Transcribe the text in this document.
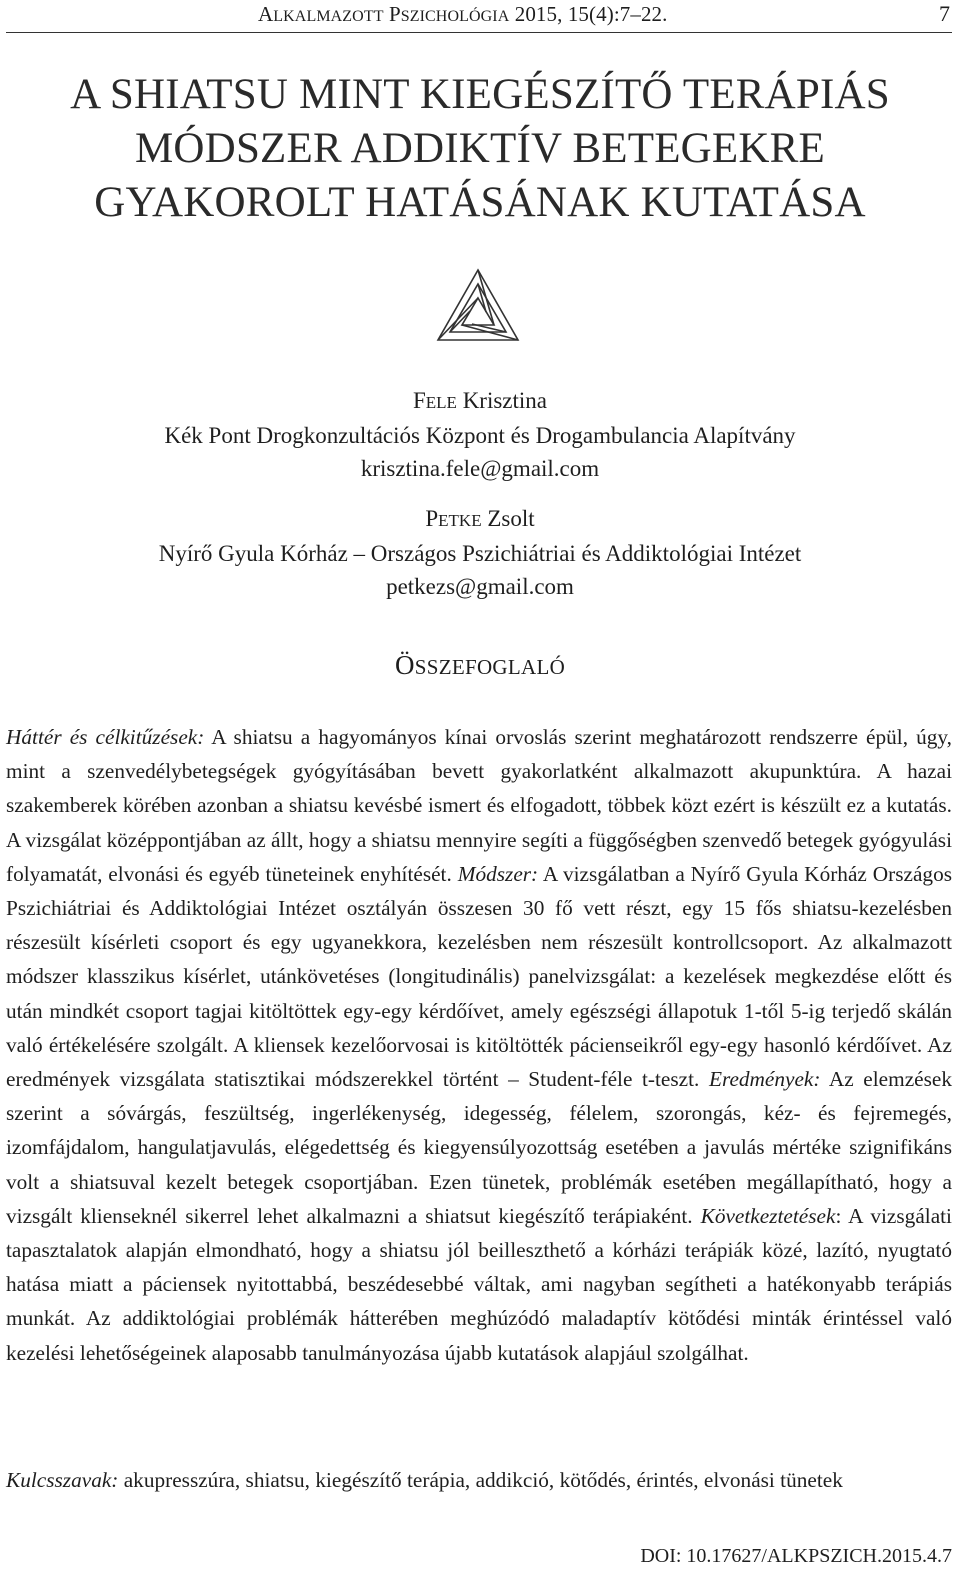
ALKALMAZOTT PSZICHOLÓGIA 2015, 15(4):7–22.	7
A SHIATSU MINT KIEGÉSZÍTŐ TERÁPIÁS
MÓDSZER ADDIKTÍV BETEGEKRE
GYAKOROLT HATÁSÁNAK KUTATÁSA
FELE Krisztina
Kék Pont Drogkonzultációs Központ és Drogambulancia Alapítvány
krisztina.fele@gmail.com
PETKE Zsolt
Nyírő Gyula Kórház – Országos Pszichiátriai és Addiktológiai Intézet
petkezs@gmail.com
ÖSSZEFOGLALÓ

Háttér és célkitűzések: A shiatsu a hagyományos kínai orvoslás szerint meghatározott rendszerre épül, úgy, mint a szenvedélybetegségek gyógyításában bevett gyakorlatként alkalmazott akupunktúra. A hazai szakemberek körében azonban a shiatsu kevésbé ismert és elfogadott, többek közt ezért is készült ez a kutatás. A vizsgálat középpontjában az állt, hogy a shiatsu mennyire segíti a függőségben szenvedő betegek gyógyulási folyamatát, elvonási és egyéb tüneteinek enyhítését. Módszer: A vizsgálatban a Nyírő Gyula Kórház Országos Pszichiátriai és Addiktológiai Intézet osztályán összesen 30 fő vett részt, egy 15 fős shiatsu-kezelésben részesült kísérleti csoport és egy ugyanekkora, kezelésben nem részesült kontrollcsoport. Az alkalmazott módszer klasszikus kísérlet, utánkövetéses (longitudinális) panelvizsgálat: a kezelések megkezdése előtt és után mindkét csoport tagjai kitöltöttek egy-egy kérdőívet, amely egészségi állapotuk 1-től 5-ig terjedő skálán való értékelésére szolgált. A kliensek kezelőorvosai is kitöltötték pácienseikről egy-egy hasonló kérdőívet. Az eredmények vizsgálata statisztikai módszerekkel történt – Student-féle t-teszt. Eredmények: Az elemzések szerint a sóvárgás, feszültség, ingerlékenység, idegesség, félelem, szorongás, kéz- és fejremegés, izomfájdalom, hangulatjavulás, elégedettség és kiegyensúlyozottság esetében a javulás mértéke szignifikáns volt a shiatsuval kezelt betegek csoportjában. Ezen tünetek, problémák esetében megállapítható, hogy a vizsgált klienseknél sikerrel lehet alkalmazni a shiatsut kiegészítő terápiaként. Következtetések: A vizsgálati tapasztalatok alapján elmondható, hogy a shiatsu jól beilleszthető a kórházi terápiák közé, lazító, nyugtató hatása miatt a páciensek nyitottabbá, beszédesebbé váltak, ami nagyban segítheti a hatékonyabb terápiás munkát. Az addiktológiai problémák hátterében meghúzódó maladaptív kötődési minták érintéssel való kezelési lehetőségeinek alaposabb tanulmányozása újabb kutatások alapjául szolgálhat.

Kulcsszavak: akupresszúra, shiatsu, kiegészítő terápia, addikció, kötődés, érintés, elvonási tünetek
DOI: 10.17627/ALKPSZICH.2015.4.7
